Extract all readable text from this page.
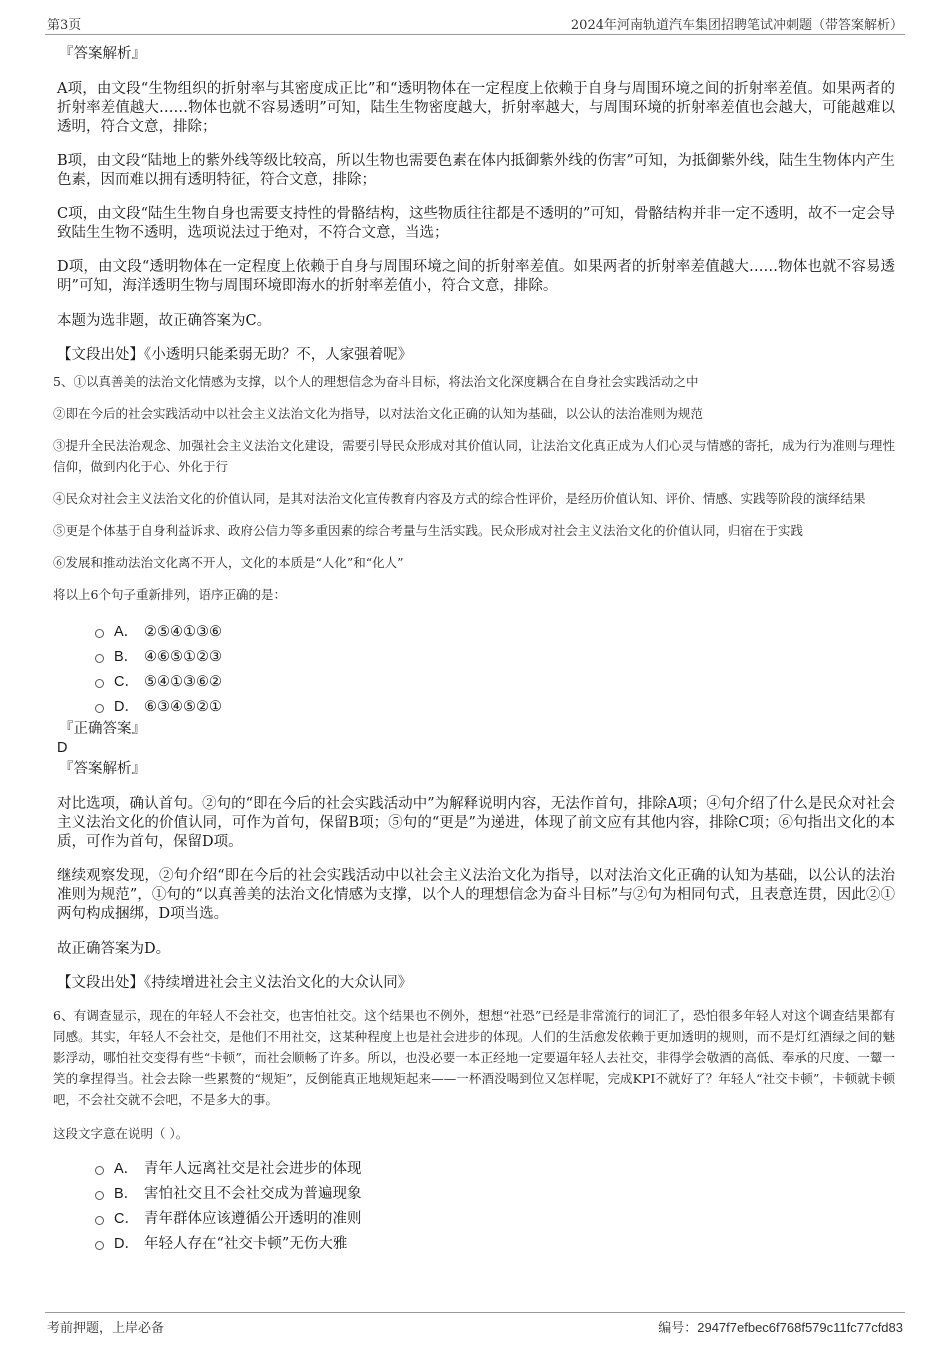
第3页	2024年河南轨道汽车集团招聘笔试冲刺题（带答案解析）
『答案解析』

A项，由文段“生物组织的折射率与其密度成正比”和“透明物体在一定程度上依赖于自身与周围环境之间的折射率差值。如果两者的折射率差值越大……物体也就不容易透明”可知，陆生生物密度越大，折射率越大，与周围环境的折射率差值也会越大，可能越难以透明，符合文意，排除；

B项，由文段“陆地上的紫外线等级比较高，所以生物也需要色素在体内抵御紫外线的伤害”可知，为抵御紫外线，陆生生物体内产生色素，因而难以拥有透明特征，符合文意，排除；

C项，由文段“陆生生物自身也需要支持性的骨骼结构，这些物质往往都是不透明的”可知，骨骼结构并非一定不透明，故不一定会导致陆生生物不透明，选项说法过于绝对，不符合文意，当选；

D项，由文段“透明物体在一定程度上依赖于自身与周围环境之间的折射率差值。如果两者的折射率差值越大……物体也就不容易透明”可知，海洋透明生物与周围环境即海水的折射率差值小，符合文意，排除。

本题为选非题，故正确答案为C。

【文段出处】《小透明只能柔弱无助？不，人家强着呢》

5、①以真善美的法治文化情感为支撑，以个人的理想信念为奋斗目标，将法治文化深度耦合在自身社会实践活动之中

②即在今后的社会实践活动中以社会主义法治文化为指导，以对法治文化正确的认知为基础，以公认的法治准则为规范

③提升全民法治观念、加强社会主义法治文化建设，需要引导民众形成对其价值认同，让法治文化真正成为人们心灵与情感的寄托，成为行为准则与理性信仰，做到内化于心、外化于行

④民众对社会主义法治文化的价值认同，是其对法治文化宣传教育内容及方式的综合性评价，是经历价值认知、评价、情感、实践等阶段的演绎结果

⑤更是个体基于自身利益诉求、政府公信力等多重因素的综合考量与生活实践。民众形成对社会主义法治文化的价值认同，归宿在于实践

⑥发展和推动法治文化离不开人，文化的本质是“人化”和“化人”

将以上6个句子重新排列，语序正确的是：

A． ②⑤④①③⑥
B． ④⑥⑤①②③
C． ⑤④①③⑥②
D． ⑥③④⑤②①
『正确答案』
D
『答案解析』

对比选项，确认首句。②句的“即在今后的社会实践活动中”为解释说明内容，无法作首句，排除A项；④句介绍了什么是民众对社会主义法治文化的价值认同，可作为首句，保留B项；⑤句的“更是”为递进，体现了前文应有其他内容，排除C项；⑥句指出文化的本质，可作为首句，保留D项。

继续观察发现，②句介绍“即在今后的社会实践活动中以社会主义法治文化为指导，以对法治文化正确的认知为基础，以公认的法治准则为规范”，①句的“以真善美的法治文化情感为支撑，以个人的理想信念为奋斗目标”与②句为相同句式，且表意连贯，因此②①两句构成捆绑，D项当选。

故正确答案为D。

【文段出处】《持续增进社会主义法治文化的大众认同》

6、有调查显示，现在的年轻人不会社交，也害怕社交。这个结果也不例外，想想“社恐”已经是非常流行的词汇了，恐怕很多年轻人对这个调查结果都有同感。其实，年轻人不会社交，是他们不用社交，这某种程度上也是社会进步的体现。人们的生活愈发依赖于更加透明的规则，而不是灯红酒绿之间的魅影浮动，哪怕社交变得有些“卡顿”，而社会顺畅了许多。所以，也没必要一本正经地一定要逼年轻人去社交，非得学会敬酒的高低、奉承的尺度、一颦一笑的拿捏得当。社会去除一些累赘的“规矩”，反倒能真正地规矩起来——一杯酒没喝到位又怎样呢，完成KPI不就好了？年轻人“社交卡顿”，卡顿就卡顿吧，不会社交就不会吧，不是多大的事。

这段文字意在说明（ ）。

A． 青年人远离社交是社会进步的体现
B． 害怕社交且不会社交成为普遍现象
C． 青年群体应该遵循公开透明的准则
D． 年轻人存在“社交卡顿”无伤大雅
考前押题，上岸必备	编号：2947f7efbec6f768f579c11fc77cfd83
